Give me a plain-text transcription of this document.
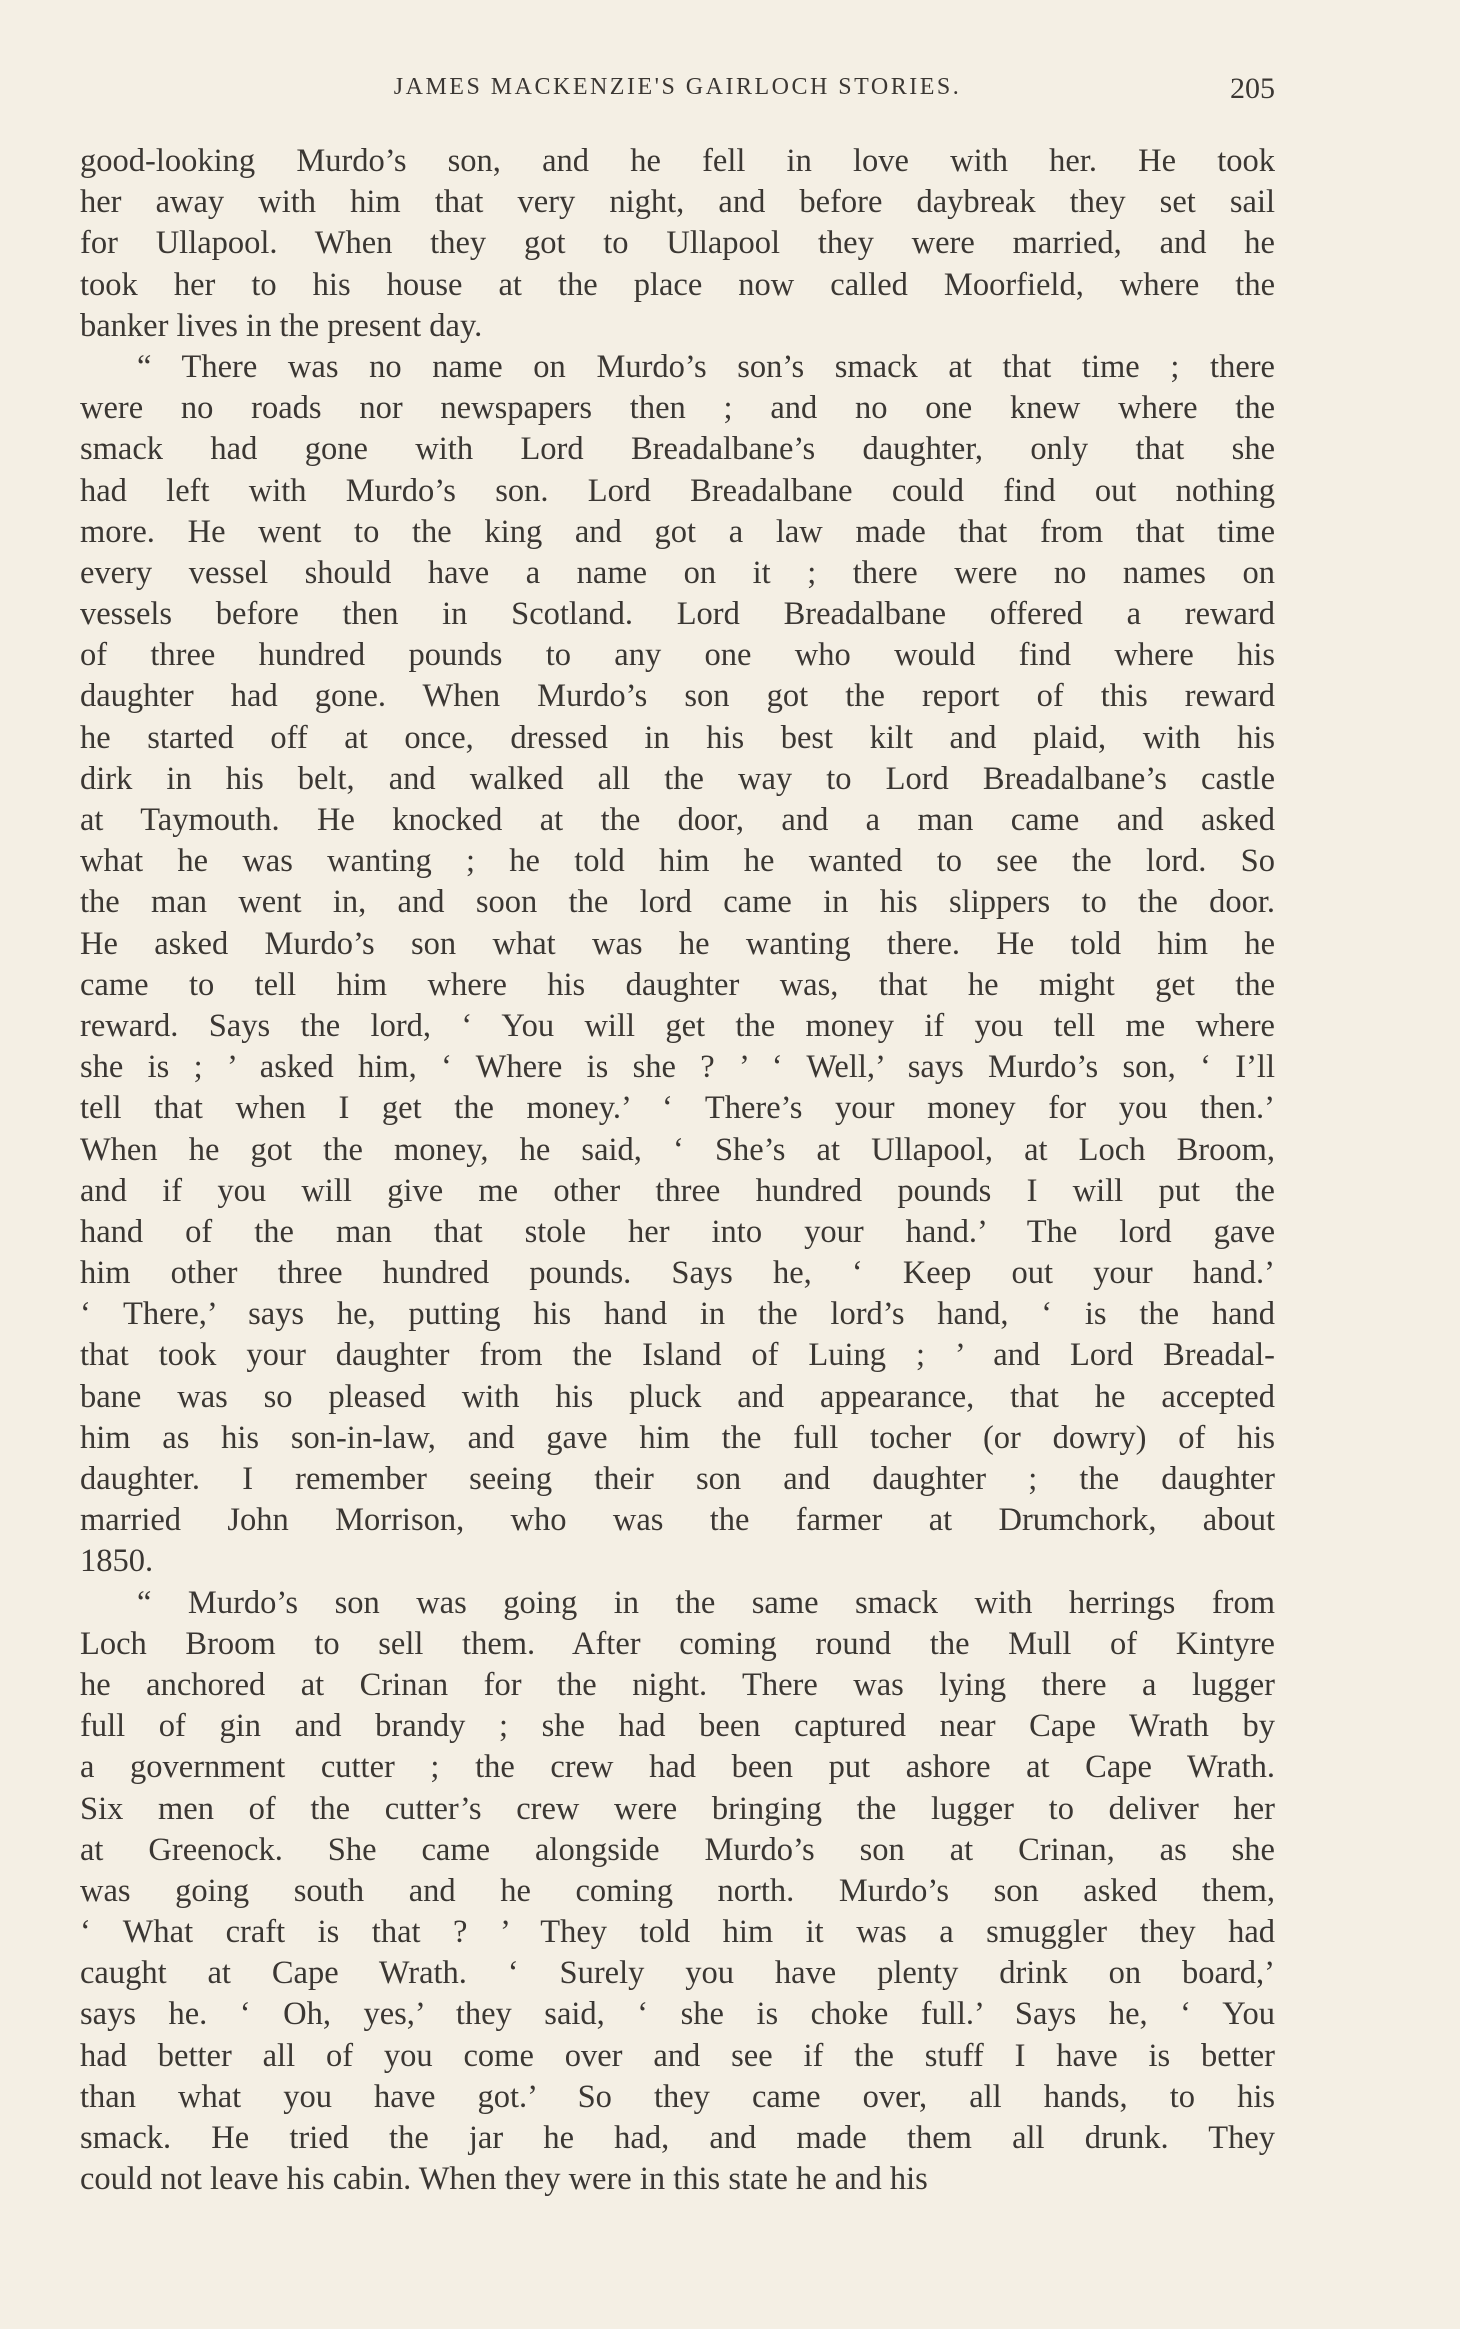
JAMES MACKENZIE'S GAIRLOCH STORIES.	205
good-looking Murdo’s son, and he fell in love with her. He took
her away with him that very night, and before daybreak they set sail
for Ullapool. When they got to Ullapool they were married, and he
took her to his house at the place now called Moorfield, where the
banker lives in the present day.
“ There was no name on Murdo’s son’s smack at that time ; there
were no roads nor newspapers then ; and no one knew where the
smack had gone with Lord Breadalbane’s daughter, only that she
had left with Murdo’s son. Lord Breadalbane could find out nothing
more. He went to the king and got a law made that from that time
every vessel should have a name on it ; there were no names on
vessels before then in Scotland. Lord Breadalbane offered a reward
of three hundred pounds to any one who would find where his
daughter had gone. When Murdo’s son got the report of this reward
he started off at once, dressed in his best kilt and plaid, with his
dirk in his belt, and walked all the way to Lord Breadalbane’s castle
at Taymouth. He knocked at the door, and a man came and asked
what he was wanting ; he told him he wanted to see the lord. So
the man went in, and soon the lord came in his slippers to the door.
He asked Murdo’s son what was he wanting there. He told him he
came to tell him where his daughter was, that he might get the
reward. Says the lord, ‘ You will get the money if you tell me where
she is ; ’ asked him, ‘ Where is she ? ’ ‘ Well,’ says Murdo’s son, ‘ I’ll
tell that when I get the money.’ ‘ There’s your money for you then.’
When he got the money, he said, ‘ She’s at Ullapool, at Loch Broom,
and if you will give me other three hundred pounds I will put the
hand of the man that stole her into your hand.’ The lord gave
him other three hundred pounds. Says he, ‘ Keep out your hand.’
‘ There,’ says he, putting his hand in the lord’s hand, ‘ is the hand
that took your daughter from the Island of Luing ; ’ and Lord Breadal-
bane was so pleased with his pluck and appearance, that he accepted
him as his son-in-law, and gave him the full tocher (or dowry) of his
daughter. I remember seeing their son and daughter ; the daughter
married John Morrison, who was the farmer at Drumchork, about
1850.
“ Murdo’s son was going in the same smack with herrings from
Loch Broom to sell them. After coming round the Mull of Kintyre
he anchored at Crinan for the night. There was lying there a lugger
full of gin and brandy ; she had been captured near Cape Wrath by
a government cutter ; the crew had been put ashore at Cape Wrath.
Six men of the cutter’s crew were bringing the lugger to deliver her
at Greenock. She came alongside Murdo’s son at Crinan, as she
was going south and he coming north. Murdo’s son asked them,
‘ What craft is that ? ’ They told him it was a smuggler they had
caught at Cape Wrath. ‘ Surely you have plenty drink on board,’
says he. ‘ Oh, yes,’ they said, ‘ she is choke full.’ Says he, ‘ You
had better all of you come over and see if the stuff I have is better
than what you have got.’ So they came over, all hands, to his
smack. He tried the jar he had, and made them all drunk. They
could not leave his cabin. When they were in this state he and his
